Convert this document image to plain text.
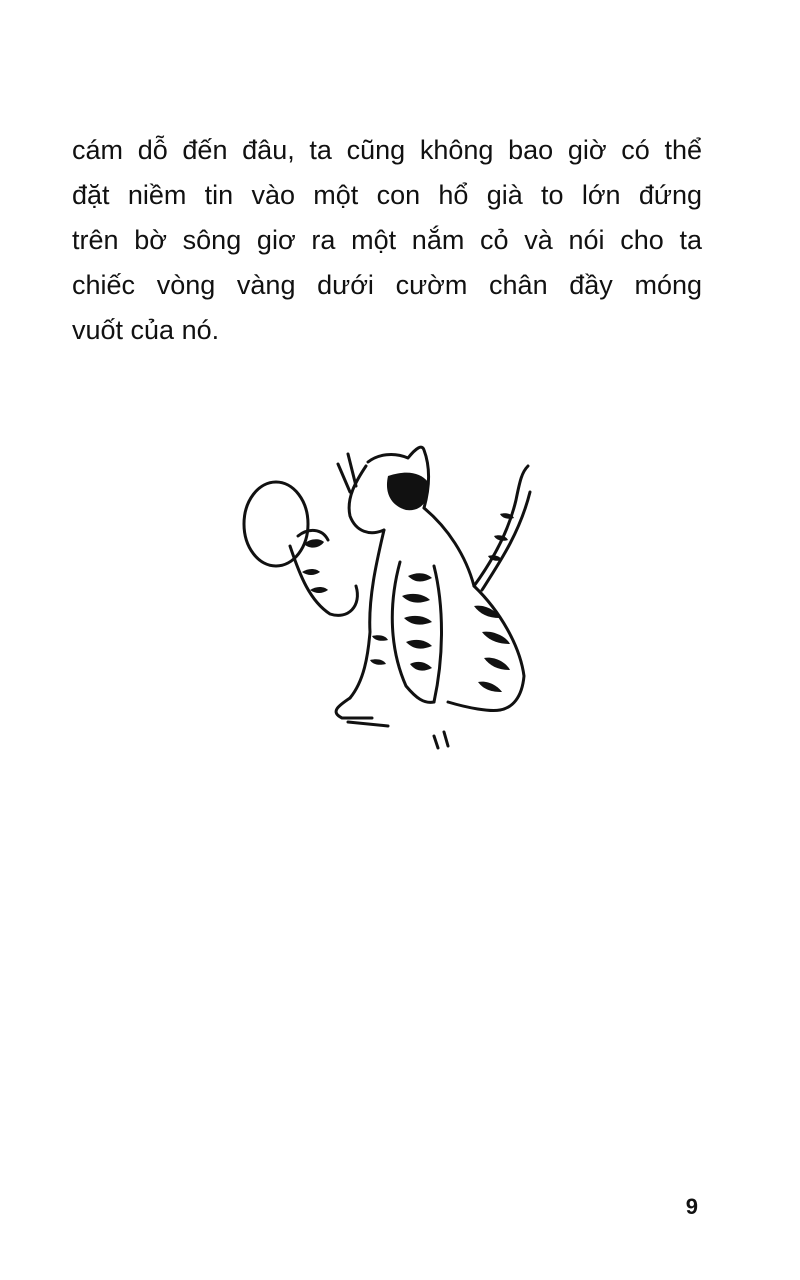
cám dỗ đến đâu, ta cũng không bao giờ có thể
đặt niềm tin vào một con hổ già to lớn đứng
trên bờ sông giơ ra một nắm cỏ và nói cho ta
chiếc vòng vàng dưới cườm chân đầy móng
vuốt của nó.

9
